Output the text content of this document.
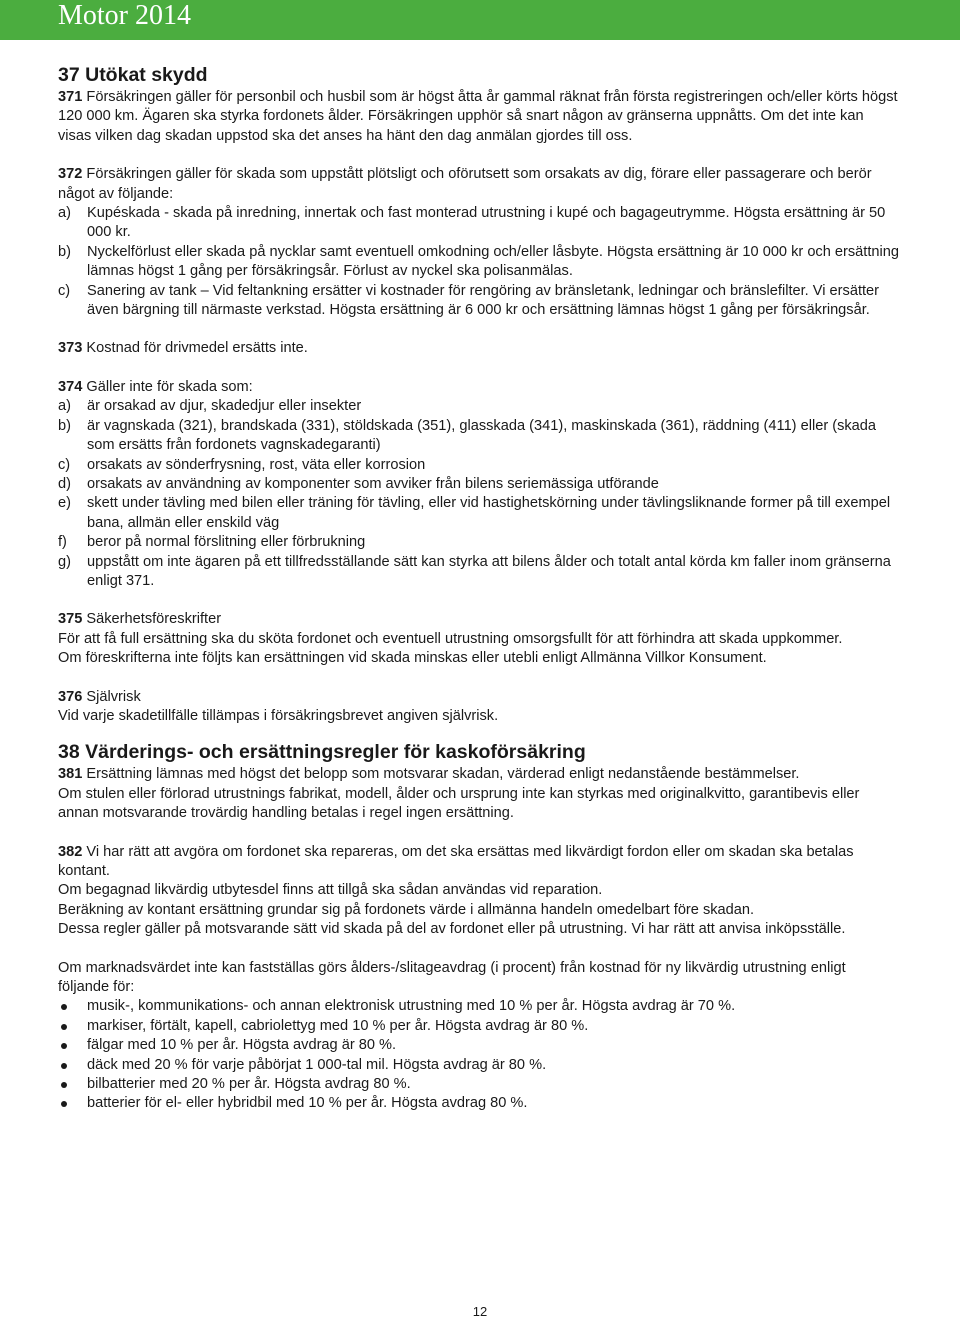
Motor 2014
37 Utökat skydd

371 Försäkringen gäller för personbil och husbil som är högst åtta år gammal räknat från första registreringen och/eller körts högst 120 000 km. Ägaren ska styrka fordonets ålder. Försäkringen upphör så snart någon av gränserna uppnåtts. Om det inte kan visas vilken dag skadan uppstod ska det anses ha hänt den dag anmälan gjordes till oss.

372 Försäkringen gäller för skada som uppstått plötsligt och oförutsett som orsakats av dig, förare eller passagerare och berör något av följande:

a) Kupéskada - skada på inredning, innertak och fast monterad utrustning i kupé och bagageutrymme. Högsta ersättning är 50 000 kr.
b) Nyckelförlust eller skada på nycklar samt eventuell omkodning och/eller låsbyte. Högsta ersättning är 10 000 kr och ersättning lämnas högst 1 gång per försäkringsår. Förlust av nyckel ska polisanmälas.
c) Sanering av tank – Vid feltankning ersätter vi kostnader för rengöring av bränsletank, ledningar och bränslefilter. Vi ersätter även bärgning till närmaste verkstad. Högsta ersättning är 6 000 kr och ersättning lämnas högst 1 gång per försäkringsår.

373 Kostnad för drivmedel ersätts inte.

374 Gäller inte för skada som:

a) är orsakad av djur, skadedjur eller insekter
b) är vagnskada (321), brandskada (331), stöldskada (351), glasskada (341), maskinskada (361), räddning (411) eller (skada som ersätts från fordonets vagnskadegaranti)
c) orsakats av sönderfrysning, rost, väta eller korrosion
d) orsakats av användning av komponenter som avviker från bilens seriemässiga utförande
e) skett under tävling med bilen eller träning för tävling, eller vid hastighetskörning under tävlingsliknande former på till exempel bana, allmän eller enskild väg
f) beror på normal förslitning eller förbrukning
g) uppstått om inte ägaren på ett tillfredsställande sätt kan styrka att bilens ålder och totalt antal körda km faller inom gränserna enligt 371.

375 Säkerhetsföreskrifter

För att få full ersättning ska du sköta fordonet och eventuell utrustning omsorgsfullt för att förhindra att skada uppkommer.

Om föreskrifterna inte följts kan ersättningen vid skada minskas eller utebli enligt Allmänna Villkor Konsument.

376 Självrisk

Vid varje skadetillfälle tillämpas i försäkringsbrevet angiven självrisk.

38 Värderings- och ersättningsregler för kaskoförsäkring

381 Ersättning lämnas med högst det belopp som motsvarar skadan, värderad enligt nedanstående bestämmelser.

Om stulen eller förlorad utrustnings fabrikat, modell, ålder och ursprung inte kan styrkas med originalkvitto, garantibevis eller annan motsvarande trovärdig handling betalas i regel ingen ersättning.

382 Vi har rätt att avgöra om fordonet ska repareras, om det ska ersättas med likvärdigt fordon eller om skadan ska betalas kontant.

Om begagnad likvärdig utbytesdel finns att tillgå ska sådan användas vid reparation.

Beräkning av kontant ersättning grundar sig på fordonets värde i allmänna handeln omedelbart före skadan.

Dessa regler gäller på motsvarande sätt vid skada på del av fordonet eller på utrustning. Vi har rätt att anvisa inköpsställe.

Om marknadsvärdet inte kan fastställas görs ålders-/slitageavdrag (i procent) från kostnad för ny likvärdig utrustning enligt följande för:

musik-, kommunikations- och annan elektronisk utrustning med 10 % per år. Högsta avdrag är 70 %.
markiser, förtält, kapell, cabriolettyg med 10 % per år. Högsta avdrag är 80 %.
fälgar med 10 % per år. Högsta avdrag är 80 %.
däck med 20 % för varje påbörjat 1 000-tal mil. Högsta avdrag är 80 %.
bilbatterier med 20 % per år. Högsta avdrag 80 %.
batterier för el- eller hybridbil med 10 % per år. Högsta avdrag 80 %.
12
